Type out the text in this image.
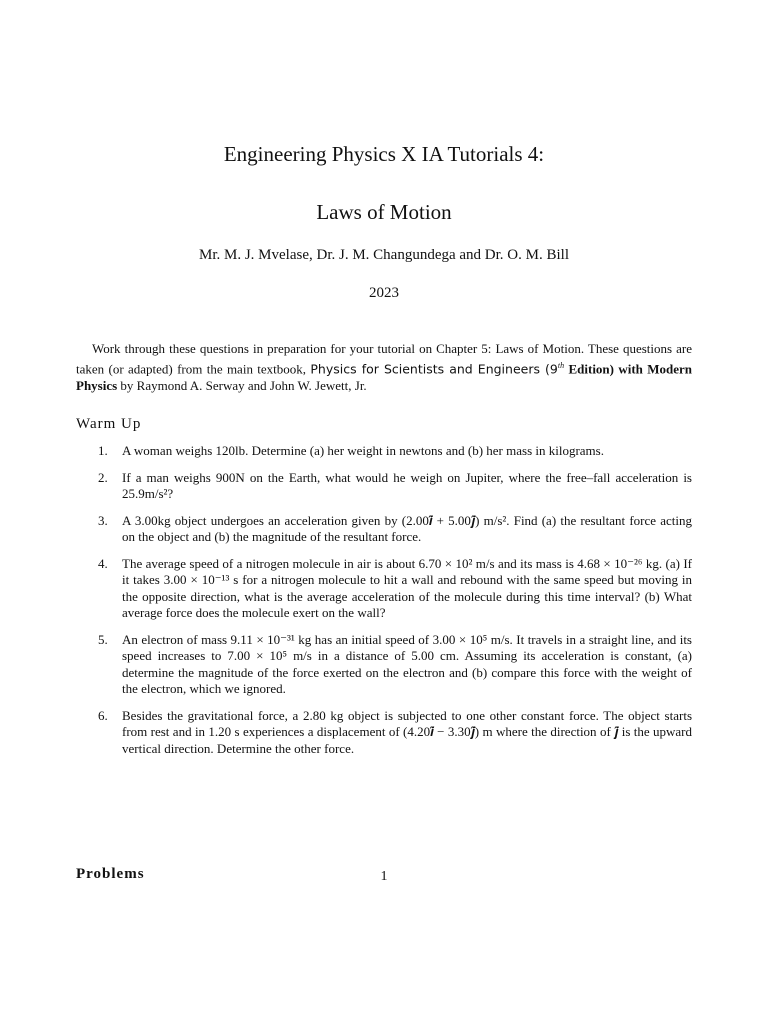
Engineering Physics X IA Tutorials 4:
Laws of Motion
Mr. M. J. Mvelase, Dr. J. M. Changundega and Dr. O. M. Bill
2023
Work through these questions in preparation for your tutorial on Chapter 5: Laws of Motion. These questions are taken (or adapted) from the main textbook, Physics for Scientists and Engineers (9th Edition) with Modern Physics by Raymond A. Serway and John W. Jewett, Jr.
Warm Up
1.	A woman weighs 120lb. Determine (a) her weight in newtons and (b) her mass in kilograms.
2.	If a man weighs 900N on the Earth, what would he weigh on Jupiter, where the free–fall acceleration is 25.9m/s²?
3.	A 3.00kg object undergoes an acceleration given by (2.00𝒊̂ + 5.00𝒋̂) m/s². Find (a) the resultant force acting on the object and (b) the magnitude of the resultant force.
4.	The average speed of a nitrogen molecule in air is about 6.70 × 10² m/s and its mass is 4.68 × 10⁻²⁶ kg. (a) If it takes 3.00 × 10⁻¹³ s for a nitrogen molecule to hit a wall and rebound with the same speed but moving in the opposite direction, what is the average acceleration of the molecule during this time interval? (b) What average force does the molecule exert on the wall?
5.	An electron of mass 9.11 × 10⁻³¹ kg has an initial speed of 3.00 × 10⁵ m/s. It travels in a straight line, and its speed increases to 7.00 × 10⁵ m/s in a distance of 5.00 cm. Assuming its acceleration is constant, (a) determine the magnitude of the force exerted on the electron and (b) compare this force with the weight of the electron, which we ignored.
6.	Besides the gravitational force, a 2.80 kg object is subjected to one other constant force. The object starts from rest and in 1.20 s experiences a displacement of (4.20𝒊̂ − 3.30𝒋̂) m where the direction of 𝒋̂ is the upward vertical direction. Determine the other force.
Problems	1
